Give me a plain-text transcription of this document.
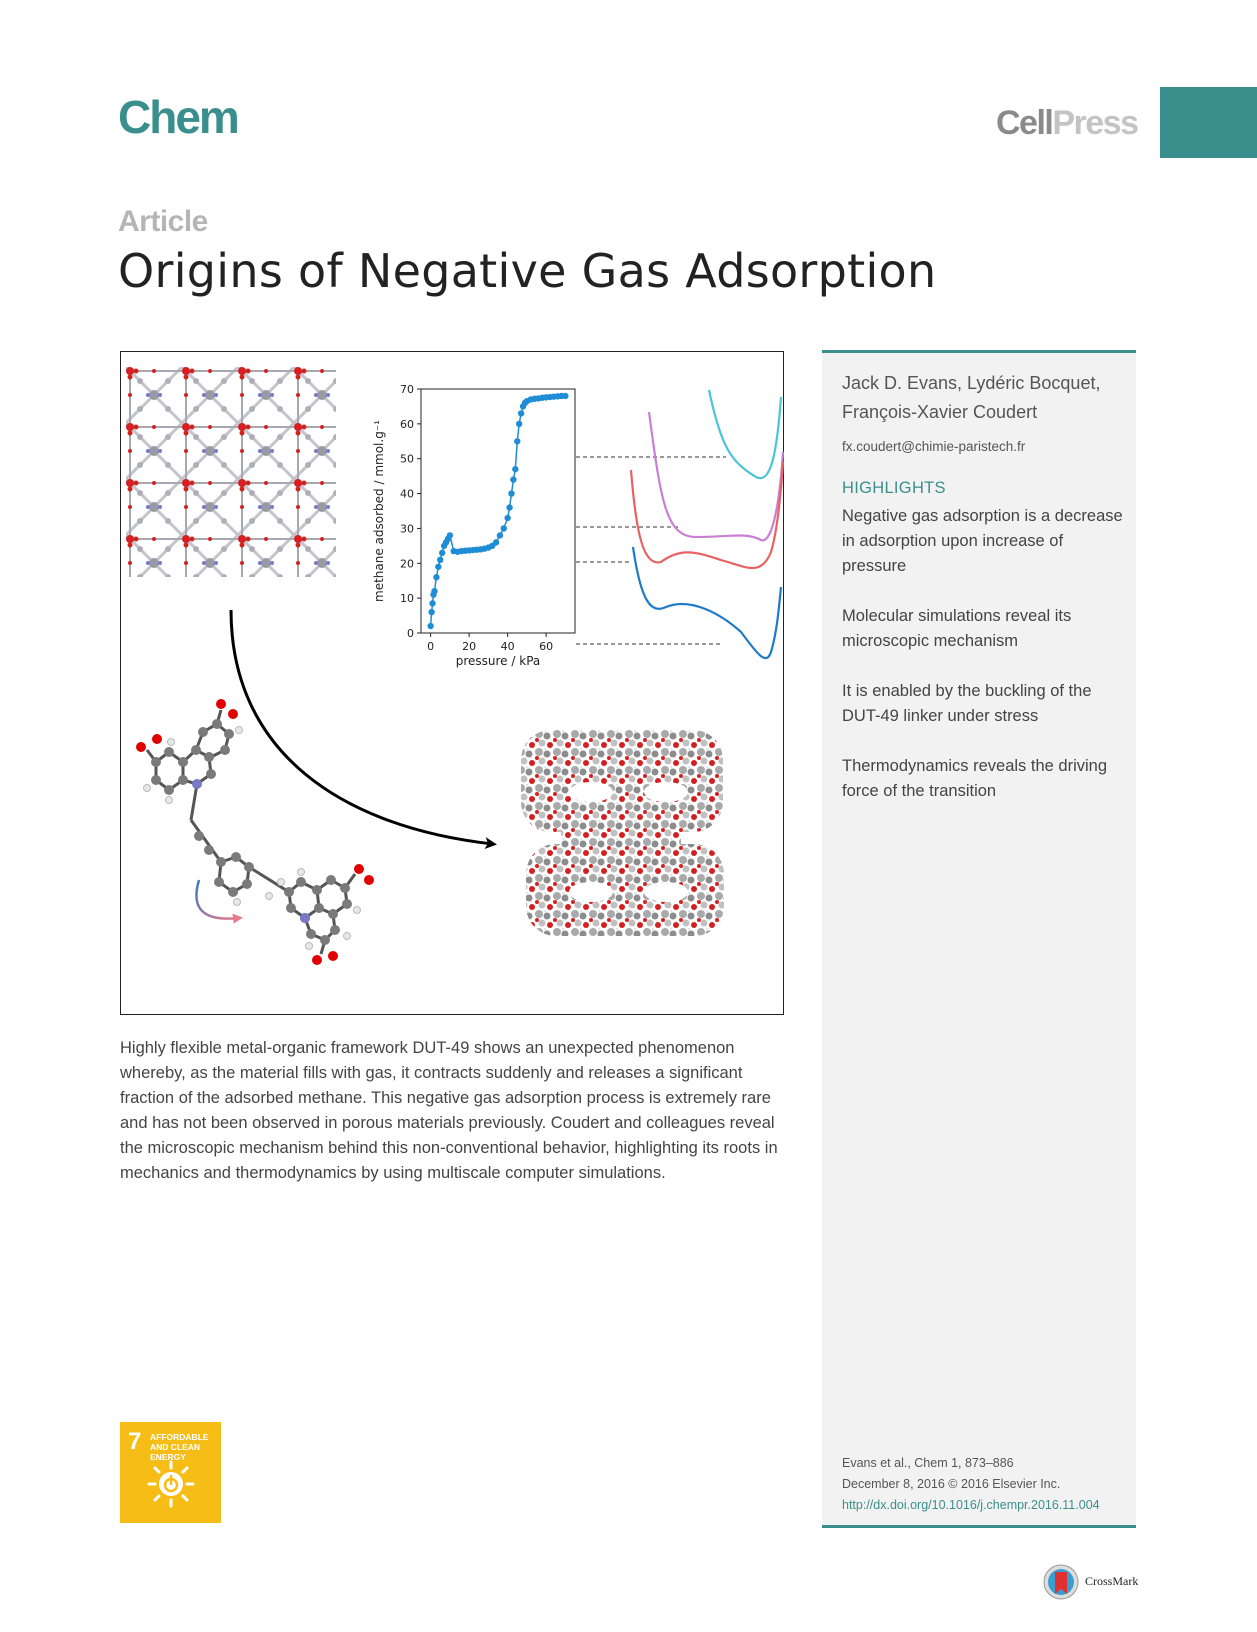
Chem	CellPress
Article
Origins of Negative Gas Adsorption
0
10
20
30
40
50
60
70
0	20 40 60
pressure / kPa
methane adsorbed / mmol.g⁻¹

Highly flexible metal-organic framework DUT-49 shows an unexpected phenomenon whereby, as the material fills with gas, it contracts suddenly and releases a significant fraction of the adsorbed methane. This negative gas adsorption process is extremely rare and has not been observed in porous materials previously. Coudert and colleagues reveal the microscopic mechanism behind this non-conventional behavior, highlighting its roots in mechanics and thermodynamics by using multiscale computer simulations.

Jack D. Evans, Lydéric Bocquet, François-Xavier Coudert
fx.coudert@chimie-paristech.fr
HIGHLIGHTS
Negative gas adsorption is a decrease in adsorption upon increase of pressure
Molecular simulations reveal its microscopic mechanism
It is enabled by the buckling of the DUT-49 linker under stress
Thermodynamics reveals the driving force of the transition
Evans et al., Chem 1, 873–886
December 8, 2016 © 2016 Elsevier Inc.
http://dx.doi.org/10.1016/j.chempr.2016.11.004
7 AFFORDABLE AND CLEAN ENERGY
CrossMark
